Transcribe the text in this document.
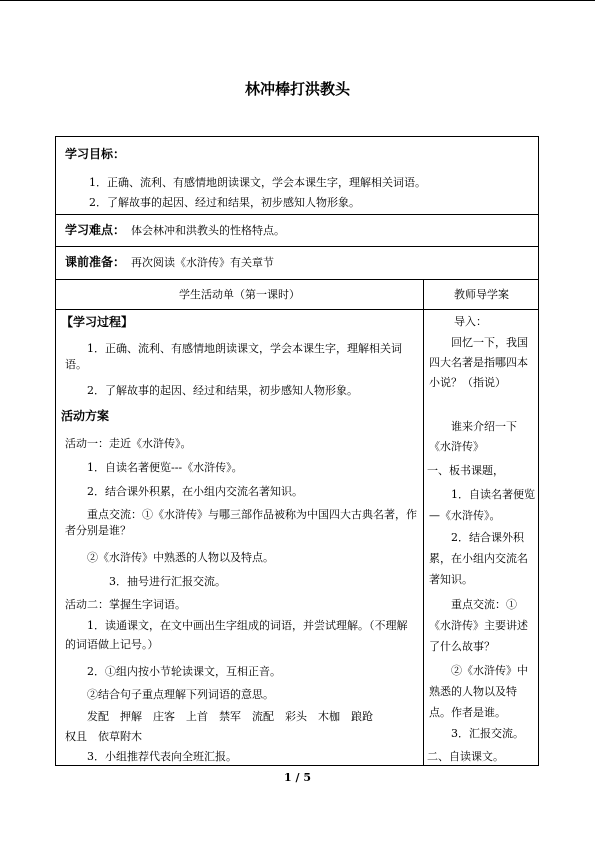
林冲棒打洪教头
学习目标：
1．正确、流利、有感情地朗读课文，学会本课生字，理解相关词语。
2．了解故事的起因、经过和结果，初步感知人物形象。
学习难点： 体会林冲和洪教头的性格特点。
课前准备： 再次阅读《水浒传》有关章节
学生活动单（第一课时）	教师导学案
【学习过程】
1．正确、流利、有感情地朗读课文，学会本课生字，理解相关词语。
2．了解故事的起因、经过和结果，初步感知人物形象。
活动方案
活动一：走近《水浒传》。
1．自读名著便览---《水浒传》。
2．结合课外积累，在小组内交流名著知识。
重点交流：①《水浒传》与哪三部作品被称为中国四大古典名著，作者分别是谁？
②《水浒传》中熟悉的人物以及特点。
3．抽号进行汇报交流。
活动二：掌握生字词语。
1．读通课文，在文中画出生字组成的词语，并尝试理解。（不理解的词语做上记号。）
2．①组内按小节轮读课文，互相正音。
②结合句子重点理解下列词语的意思。
发配　押解　庄客　上首　禁军　流配　彩头　木枷　踉跄
权且　依草附木
3．小组推荐代表向全班汇报。
导入：
回忆一下，我国四大名著是指哪四本小说？（指说）
谁来介绍一下《水浒传》
一、板书课题，
1．自读名著便览—《水浒传》。
2．结合课外积累，在小组内交流名著知识。
重点交流：①《水浒传》主要讲述了什么故事？
②《水浒传》中熟悉的人物以及特点。作者是谁。
3．汇报交流。
二、自读课文。
1 / 5
